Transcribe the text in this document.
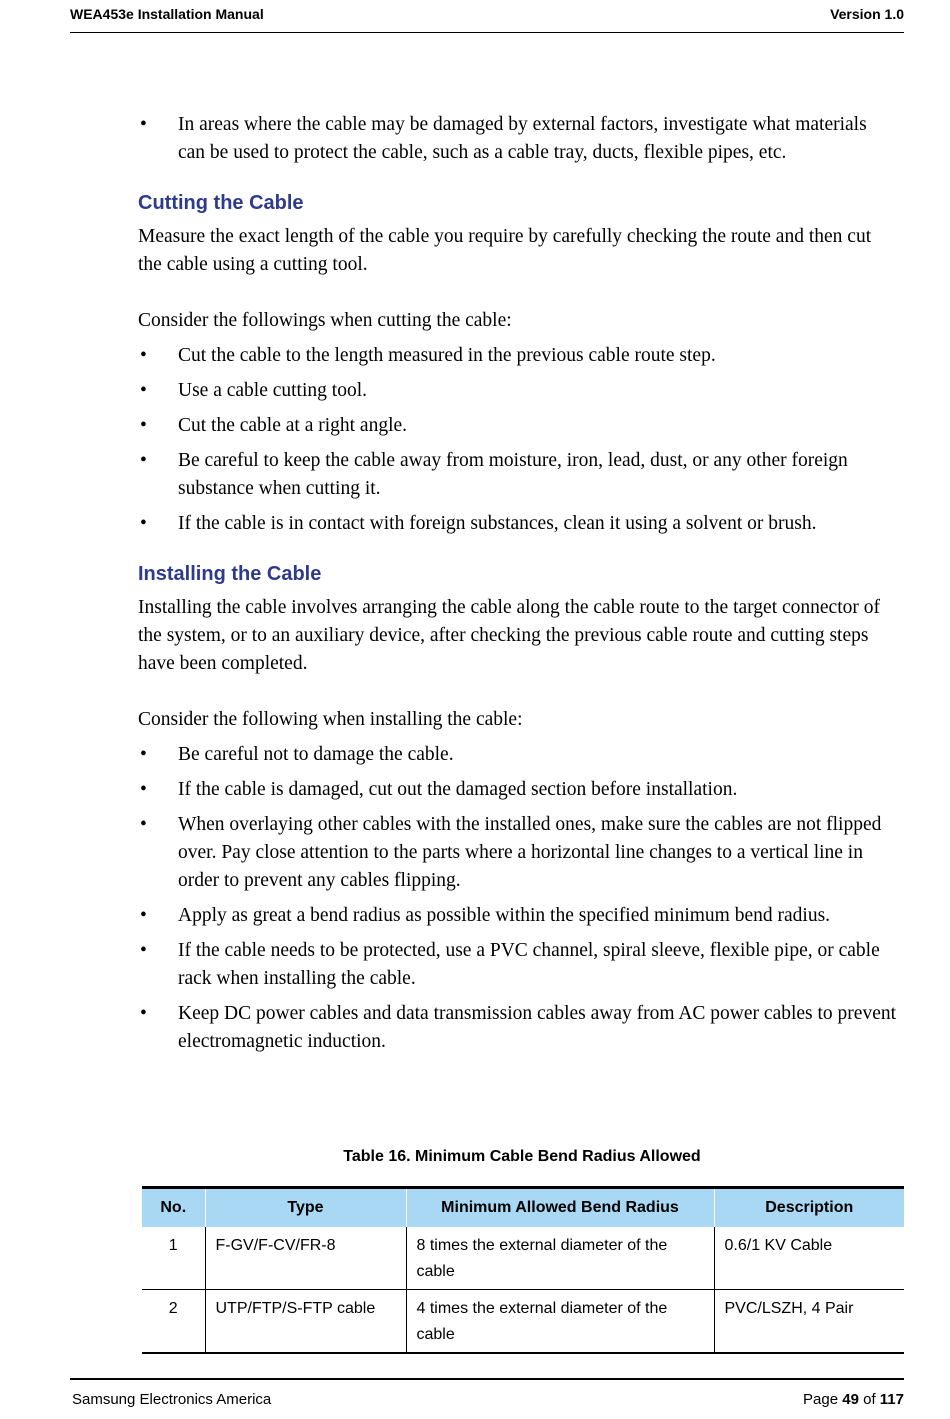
WEA453e Installation Manual	Version 1.0
• In areas where the cable may be damaged by external factors, investigate what materials can be used to protect the cable, such as a cable tray, ducts, flexible pipes, etc.
Cutting the Cable

Measure the exact length of the cable you require by carefully checking the route and then cut the cable using a cutting tool.

Consider the followings when cutting the cable:

• Cut the cable to the length measured in the previous cable route step.
• Use a cable cutting tool.
• Cut the cable at a right angle.
• Be careful to keep the cable away from moisture, iron, lead, dust, or any other foreign substance when cutting it.
• If the cable is in contact with foreign substances, clean it using a solvent or brush.
Installing the Cable

Installing the cable involves arranging the cable along the cable route to the target connector of the system, or to an auxiliary device, after checking the previous cable route and cutting steps have been completed.

Consider the following when installing the cable:

• Be careful not to damage the cable.
• If the cable is damaged, cut out the damaged section before installation.
• When overlaying other cables with the installed ones, make sure the cables are not flipped over. Pay close attention to the parts where a horizontal line changes to a vertical line in order to prevent any cables flipping.
• Apply as great a bend radius as possible within the specified minimum bend radius.
• If the cable needs to be protected, use a PVC channel, spiral sleeve, flexible pipe, or cable rack when installing the cable.
• Keep DC power cables and data transmission cables away from AC power cables to prevent electromagnetic induction.
Table 16. Minimum Cable Bend Radius Allowed
No.	Type	Minimum Allowed Bend Radius	Description
1	F-GV/F-CV/FR-8	8 times the external diameter of the cable	0.6/1 KV Cable
2	UTP/FTP/S-FTP cable	4 times the external diameter of the cable	PVC/LSZH, 4 Pair
Samsung Electronics America	Page 49 of 117
